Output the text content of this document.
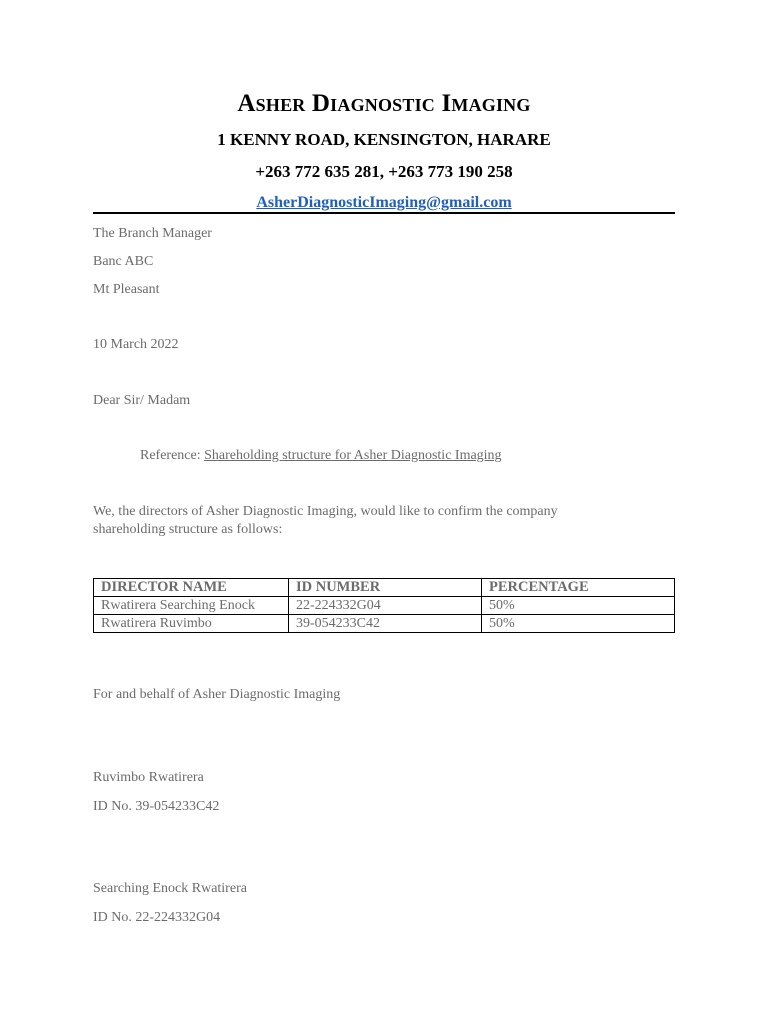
Asher Diagnostic Imaging
1 KENNY ROAD, KENSINGTON, HARARE
+263 772 635 281, +263 773 190 258
AsherDiagnosticImaging@gmail.com
The Branch Manager
Banc ABC
Mt Pleasant
10 March 2022
Dear Sir/ Madam
Reference: Shareholding structure for Asher Diagnostic Imaging
We, the directors of Asher Diagnostic Imaging, would like to confirm the company
shareholding structure as follows:
DIRECTOR NAME	ID NUMBER	PERCENTAGE
Rwatirera Searching Enock	22-224332G04	50%
Rwatirera Ruvimbo	39-054233C42	50%
For and behalf of Asher Diagnostic Imaging
Ruvimbo Rwatirera
ID No. 39-054233C42
Searching Enock Rwatirera
ID No. 22-224332G04
